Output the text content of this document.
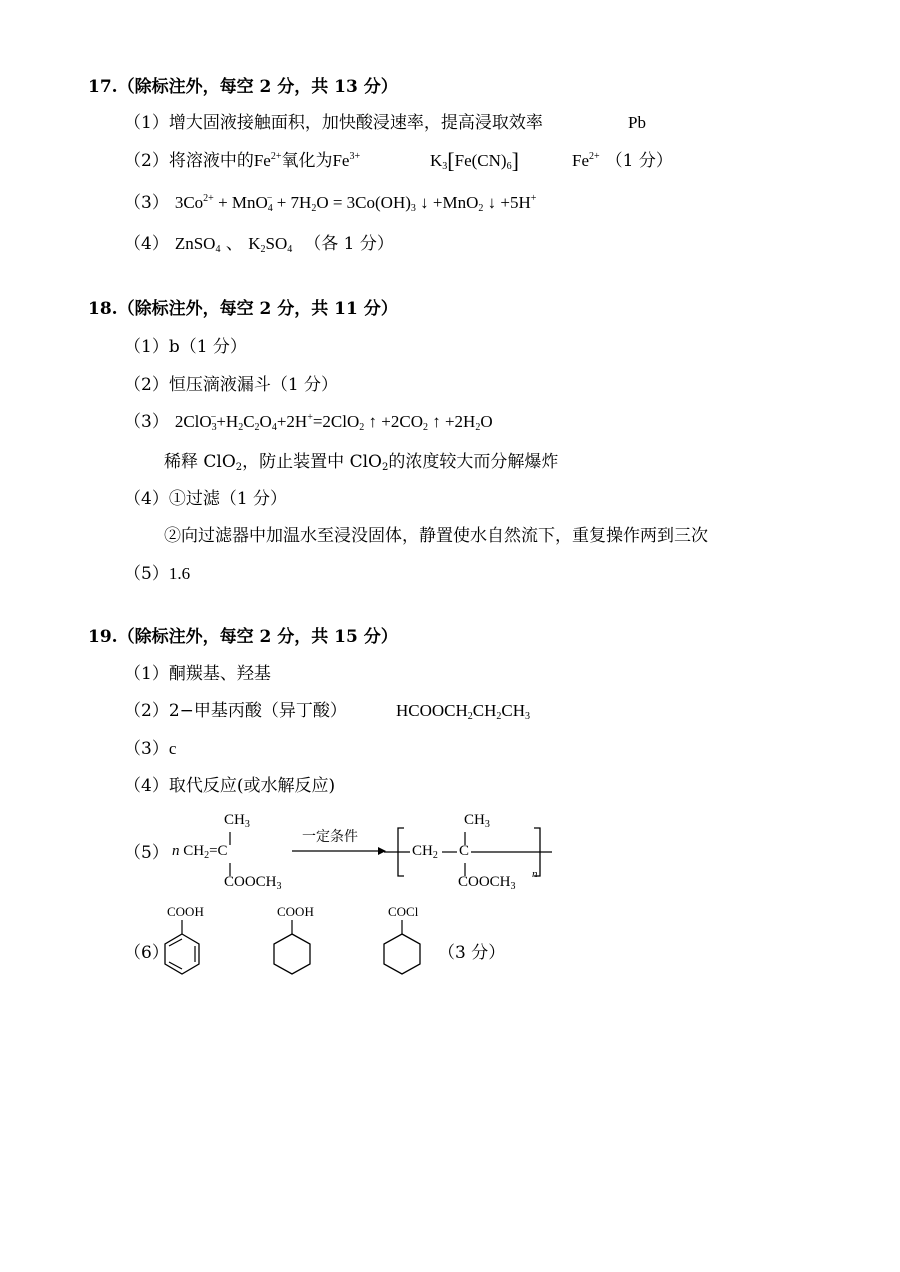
17.（除标注外，每空 2 分，共 13 分）
（1）增大固液接触面积，加快酸浸速率，提高浸取效率	Pb
（2）将溶液中的$Fe^{2+}$氧化为$Fe^{3+}$	$K_3[Fe(CN)_6]$	$Fe^{2+}$ （1 分）
（3） $3Co^{2+} + MnO_4^- + 7H_2O = 3Co(OH)_3$ ↓ +MnO$_2$ ↓ +5H+
（4） ZnSO$_4$ 、 $K_2SO_4$ （各 1 分）
18.（除标注外，每空 2 分，共 11 分）
（1）b（1 分）
（2）恒压滴液漏斗（1 分）
（3） $2ClO_3^-+H_2C_2O_4+2H^+=2ClO_2$ ↑ $+2CO_2$ ↑ $+2H_2O$
稀释 ClO$_2$，防止装置中 ClO$_2$的浓度较大而分解爆炸
（4）①过滤（1 分）
②向过滤器中加温水至浸没固体，静置使水自然流下，重复操作两到三次
（5）1.6
19.（除标注外，每空 2 分，共 15 分）
（1）酮羰基、羟基
（2）2−甲基丙酸（异丁酸）	$HCOOCH_2CH_2CH_3$
（3）c
（4）取代反应(或水解反应)
（5）
$CH_3$
n $CH_2=C$
$COOCH_3$
一定条件
$CH_3$
$CH_2$ C
$COOCH_3$
n
（6）
COOH	COOH	COCl
（3 分）
